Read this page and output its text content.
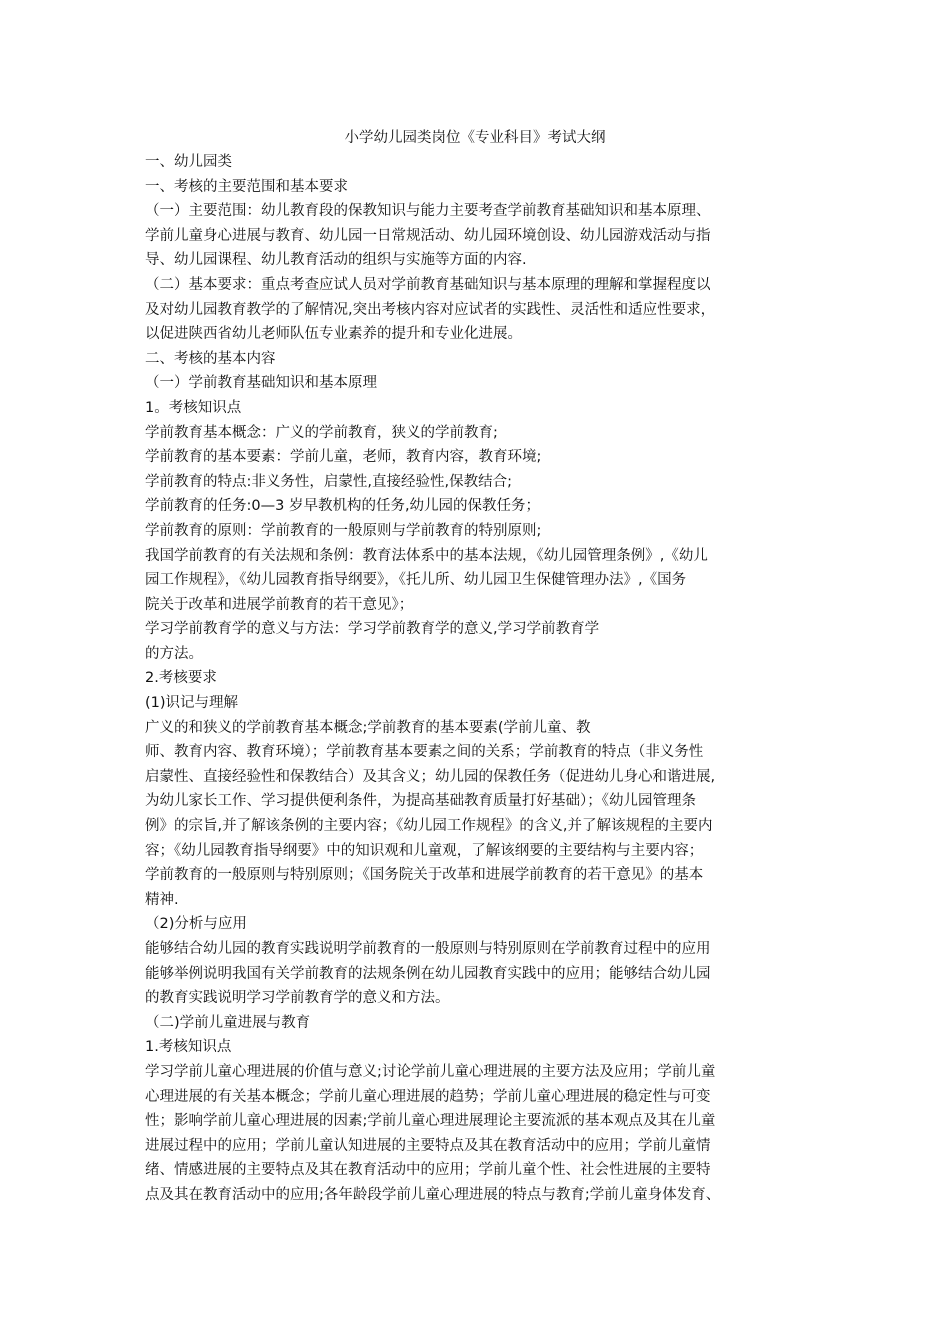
小学幼儿园类岗位《专业科目》考试大纲
一、幼儿园类
一、考核的主要范围和基本要求
（一）主要范围：幼儿教育段的保教知识与能力主要考查学前教育基础知识和基本原理、
学前儿童身心进展与教育、幼儿园一日常规活动、幼儿园环境创设、幼儿园游戏活动与指
导、幼儿园课程、幼儿教育活动的组织与实施等方面的内容.
（二）基本要求：重点考查应试人员对学前教育基础知识与基本原理的理解和掌握程度以
及对幼儿园教育教学的了解情况,突出考核内容对应试者的实践性、灵活性和适应性要求，
以促进陕西省幼儿老师队伍专业素养的提升和专业化进展。
二、考核的基本内容
（一）学前教育基础知识和基本原理
1。考核知识点
学前教育基本概念：广义的学前教育，狭义的学前教育;
学前教育的基本要素：学前儿童，老师，教育内容，教育环境;
学前教育的特点:非义务性，启蒙性,直接经验性,保教结合;
学前教育的任务:0—3 岁早教机构的任务,幼儿园的保教任务；
学前教育的原则：学前教育的一般原则与学前教育的特别原则;
我国学前教育的有关法规和条例：教育法体系中的基本法规，《幼儿园管理条例》,《幼儿
园工作规程》，《幼儿园教育指导纲要》，《托儿所、幼儿园卫生保健管理办法》,《国务
院关于改革和进展学前教育的若干意见》；
学习学前教育学的意义与方法：学习学前教育学的意义,学习学前教育学
的方法。
2.考核要求
(1)识记与理解
广义的和狭义的学前教育基本概念;学前教育的基本要素(学前儿童、教
师、教育内容、教育环境）；学前教育基本要素之间的关系；学前教育的特点（非义务性
启蒙性、直接经验性和保教结合）及其含义；幼儿园的保教任务（促进幼儿身心和谐进展,
为幼儿家长工作、学习提供便利条件，为提高基础教育质量打好基础）；《幼儿园管理条
例》的宗旨,并了解该条例的主要内容；《幼儿园工作规程》的含义,并了解该规程的主要内
容；《幼儿园教育指导纲要》中的知识观和儿童观，了解该纲要的主要结构与主要内容；
学前教育的一般原则与特别原则；《国务院关于改革和进展学前教育的若干意见》的基本
精神.
（2)分析与应用
能够结合幼儿园的教育实践说明学前教育的一般原则与特别原则在学前教育过程中的应用
能够举例说明我国有关学前教育的法规条例在幼儿园教育实践中的应用；能够结合幼儿园
的教育实践说明学习学前教育学的意义和方法。
（二)学前儿童进展与教育
1.考核知识点
学习学前儿童心理进展的价值与意义;讨论学前儿童心理进展的主要方法及应用；学前儿童
心理进展的有关基本概念；学前儿童心理进展的趋势；学前儿童心理进展的稳定性与可变
性；影响学前儿童心理进展的因素;学前儿童心理进展理论主要流派的基本观点及其在儿童
进展过程中的应用；学前儿童认知进展的主要特点及其在教育活动中的应用；学前儿童情
绪、情感进展的主要特点及其在教育活动中的应用；学前儿童个性、社会性进展的主要特
点及其在教育活动中的应用;各年龄段学前儿童心理进展的特点与教育;学前儿童身体发育、
